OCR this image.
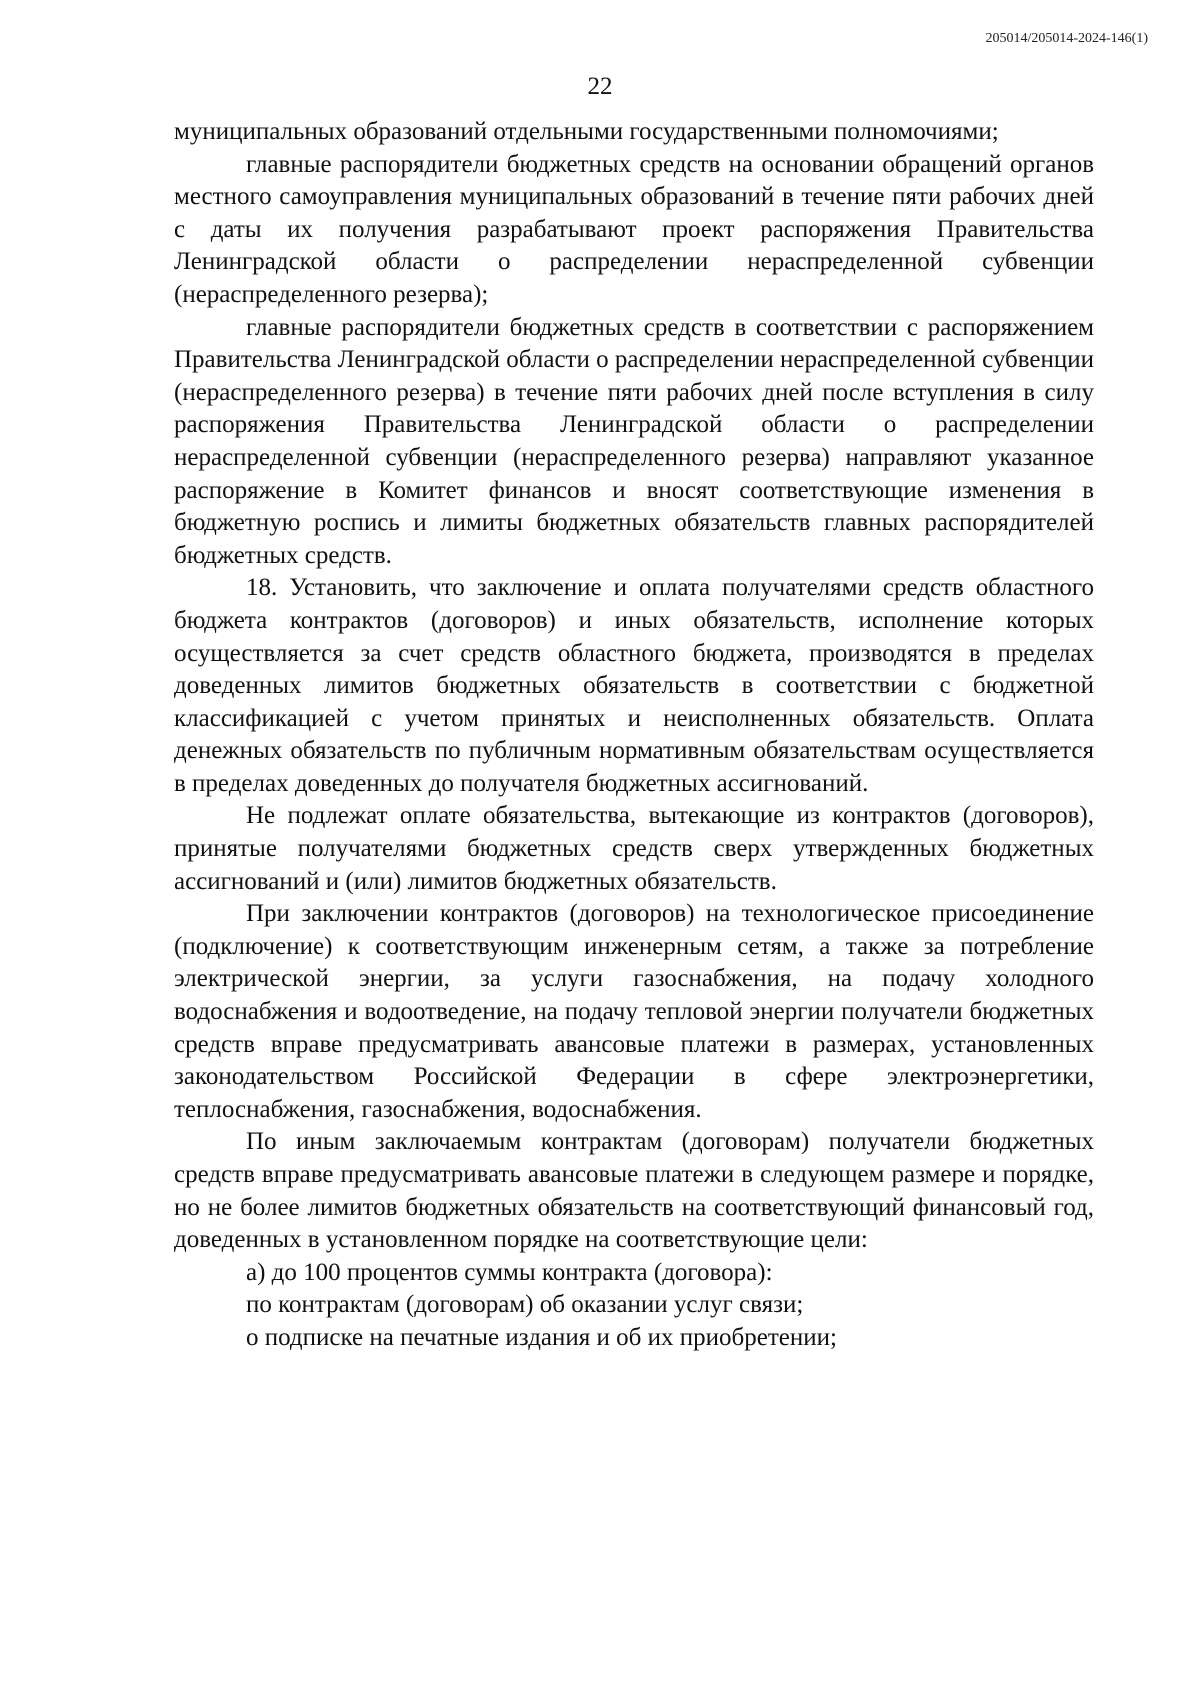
205014/205014-2024-146(1)
22

муниципальных образований отдельными государственными полномочиями;

главные распорядители бюджетных средств на основании обращений органов местного самоуправления муниципальных образований в течение пяти рабочих дней с даты их получения разрабатывают проект распоряжения Правительства Ленинградской области о распределении нераспределенной субвенции (нераспределенного резерва);

главные распорядители бюджетных средств в соответствии с распоряжением Правительства Ленинградской области о распределении нераспределенной субвенции (нераспределенного резерва) в течение пяти рабочих дней после вступления в силу распоряжения Правительства Ленинградской области о распределении нераспределенной субвенции (нераспределенного резерва) направляют указанное распоряжение в Комитет финансов и вносят соответствующие изменения в бюджетную роспись и лимиты бюджетных обязательств главных распорядителей бюджетных средств.

18. Установить, что заключение и оплата получателями средств областного бюджета контрактов (договоров) и иных обязательств, исполнение которых осуществляется за счет средств областного бюджета, производятся в пределах доведенных лимитов бюджетных обязательств в соответствии с бюджетной классификацией с учетом принятых и неисполненных обязательств. Оплата денежных обязательств по публичным нормативным обязательствам осуществляется в пределах доведенных до получателя бюджетных ассигнований.

Не подлежат оплате обязательства, вытекающие из контрактов (договоров), принятые получателями бюджетных средств сверх утвержденных бюджетных ассигнований и (или) лимитов бюджетных обязательств.

При заключении контрактов (договоров) на технологическое присоединение (подключение) к соответствующим инженерным сетям, а также за потребление электрической энергии, за услуги газоснабжения, на подачу холодного водоснабжения и водоотведение, на подачу тепловой энергии получатели бюджетных средств вправе предусматривать авансовые платежи в размерах, установленных законодательством Российской Федерации в сфере электроэнергетики, теплоснабжения, газоснабжения, водоснабжения.

По иным заключаемым контрактам (договорам) получатели бюджетных средств вправе предусматривать авансовые платежи в следующем размере и порядке, но не более лимитов бюджетных обязательств на соответствующий финансовый год, доведенных в установленном порядке на соответствующие цели:

а) до 100 процентов суммы контракта (договора):

по контрактам (договорам) об оказании услуг связи;

о подписке на печатные издания и об их приобретении;
